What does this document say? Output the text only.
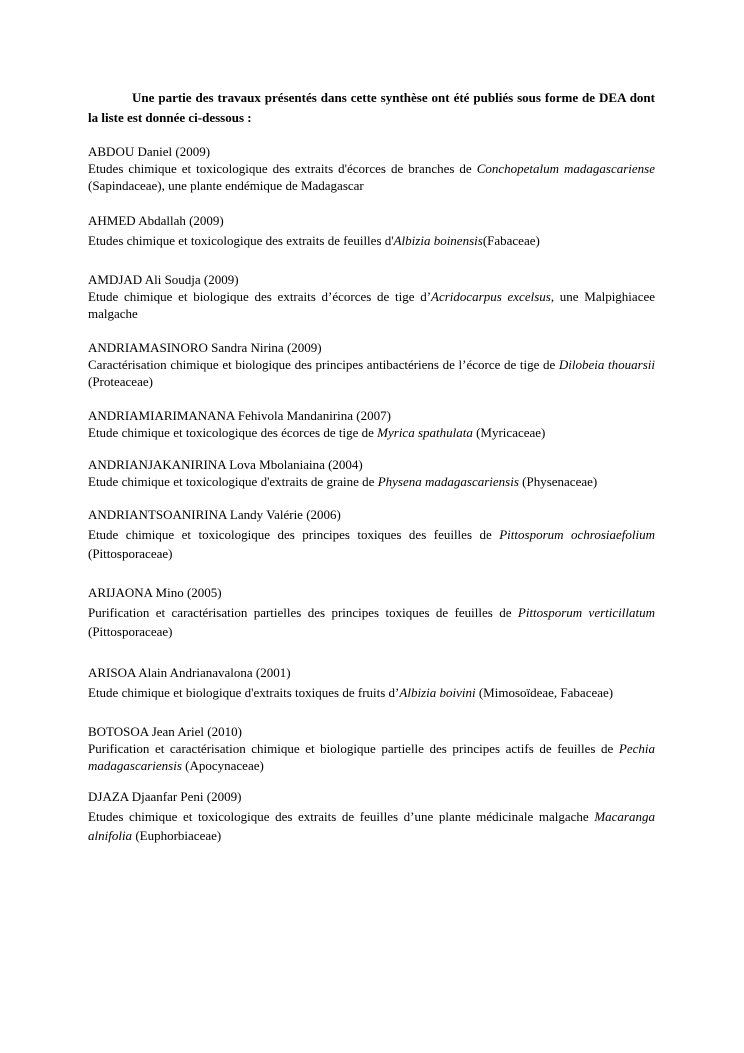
Une partie des travaux présentés dans cette synthèse ont été publiés sous forme de DEA dont la liste est donnée ci-dessous :

ABDOU Daniel (2009)
Etudes chimique et toxicologique des extraits d'écorces de branches de Conchopetalum madagascariense (Sapindaceae), une plante endémique de Madagascar
AHMED Abdallah (2009)
Etudes chimique et toxicologique des extraits de feuilles d'Albizia boinensis(Fabaceae)
AMDJAD Ali Soudja (2009)
Etude chimique et biologique des extraits d’écorces de tige d’Acridocarpus excelsus, une Malpighiacee malgache
ANDRIAMASINORO Sandra Nirina (2009)
Caractérisation chimique et biologique des principes antibactériens de l’écorce de tige de Dilobeia thouarsii (Proteaceae)
ANDRIAMIARIMANANA Fehivola Mandanirina (2007)
Etude chimique et toxicologique des écorces de tige de Myrica spathulata (Myricaceae)
ANDRIANJAKANIRINA Lova Mbolaniaina (2004)
Etude chimique et toxicologique d'extraits de graine de Physena madagascariensis (Physenaceae)
ANDRIANTSOANIRINA Landy Valérie (2006)
Etude chimique et toxicologique des principes toxiques des feuilles de Pittosporum ochrosiaefolium (Pittosporaceae)
ARIJAONA Mino (2005)
Purification et caractérisation partielles des principes toxiques de feuilles de Pittosporum verticillatum (Pittosporaceae)
ARISOA Alain Andrianavalona (2001)
Etude chimique et biologique d'extraits toxiques de fruits d’Albizia boivini (Mimosoïdeae, Fabaceae)
BOTOSOA Jean Ariel (2010)
Purification et caractérisation chimique et biologique partielle des principes actifs de feuilles de Pechia madagascariensis (Apocynaceae)
DJAZA Djaanfar Peni (2009)
Etudes chimique et toxicologique des extraits de feuilles d’une plante médicinale malgache Macaranga alnifolia (Euphorbiaceae)
